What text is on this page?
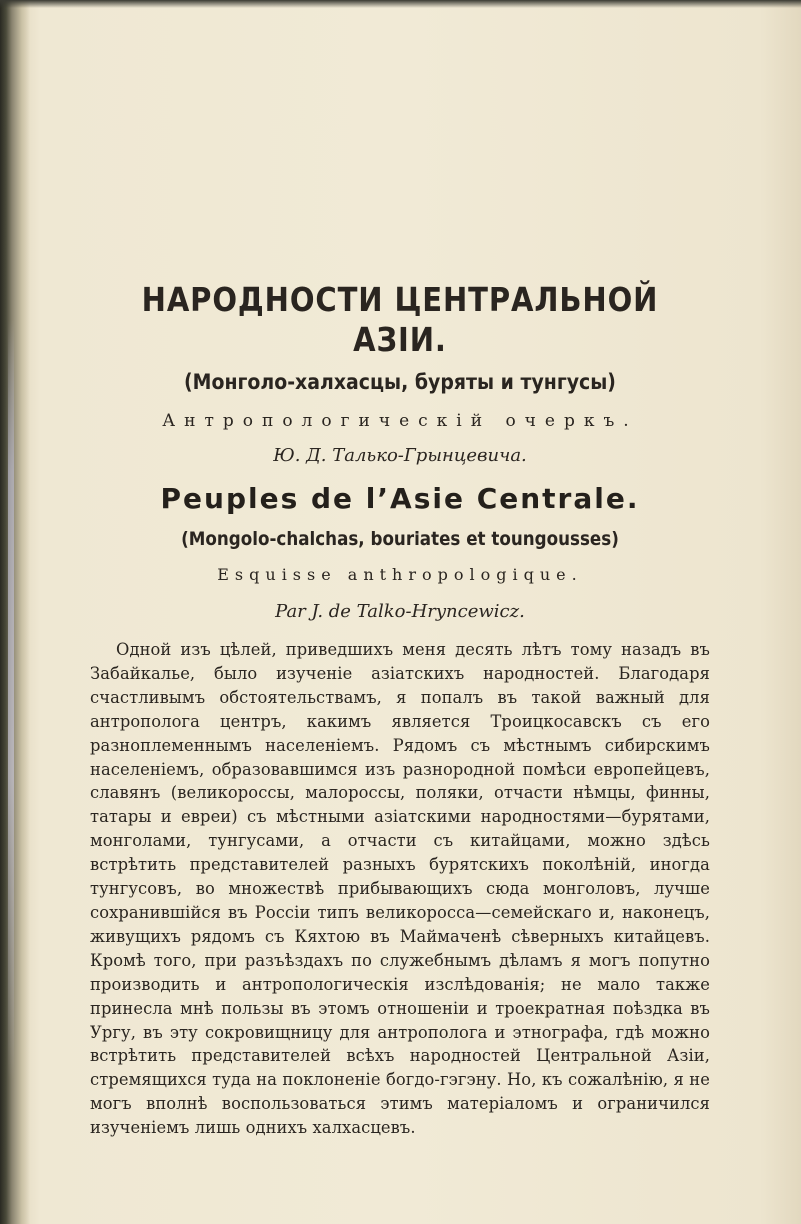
НАРОДНОСТИ ЦЕНТРАЛЬНОЙ АЗІИ.
(Монголо-халхасцы, буряты и тунгусы)
Антропологическій очеркъ.
Ю. Д. Талько-Грынцевича.
Peuples de l’Asie Centrale.
(Mongolo-chalchas, bouriates et toungousses)
Esquisse anthropologique.
Par J. de Talko-Hryncewicz.

Одной изъ цѣлей, приведшихъ меня десять лѣтъ тому назадъ въ Забайкалье, было изученіе азіатскихъ народностей. Благодаря счастливымъ обстоятельствамъ, я попалъ въ такой важный для антрополога центръ, какимъ является Троицкосавскъ съ его разноплеменнымъ населеніемъ. Рядомъ съ мѣстнымъ сибирскимъ населеніемъ, образовавшимся изъ разнородной помѣси европейцевъ, славянъ (великороссы, малороссы, поляки, отчасти нѣмцы, финны, татары и евреи) съ мѣстными азіатскими народностями—бурятами, монголами, тунгусами, а отчасти съ китайцами, можно здѣсь встрѣтить представителей разныхъ бурятскихъ поколѣній, иногда тунгусовъ, во множествѣ прибывающихъ сюда монголовъ, лучше сохранившійся въ Россіи типъ великоросса—семейскаго и, наконецъ, живущихъ рядомъ съ Кяхтою въ Маймаченѣ сѣверныхъ китайцевъ. Кромѣ того, при разъѣздахъ по служебнымъ дѣламъ я могъ попутно производить и антропологическія изслѣдованія; не мало также принесла мнѣ пользы въ этомъ отношеніи и троекратная поѣздка въ Ургу, въ эту сокровищницу для антрополога и этнографа, гдѣ можно встрѣтить представителей всѣхъ народностей Центральной Азіи, стремящихся туда на поклоненіе богдо-гэгэну. Но, къ сожалѣнію, я не могъ вполнѣ воспользоваться этимъ матеріаломъ и ограничился изученіемъ лишь однихъ халхасцевъ.
